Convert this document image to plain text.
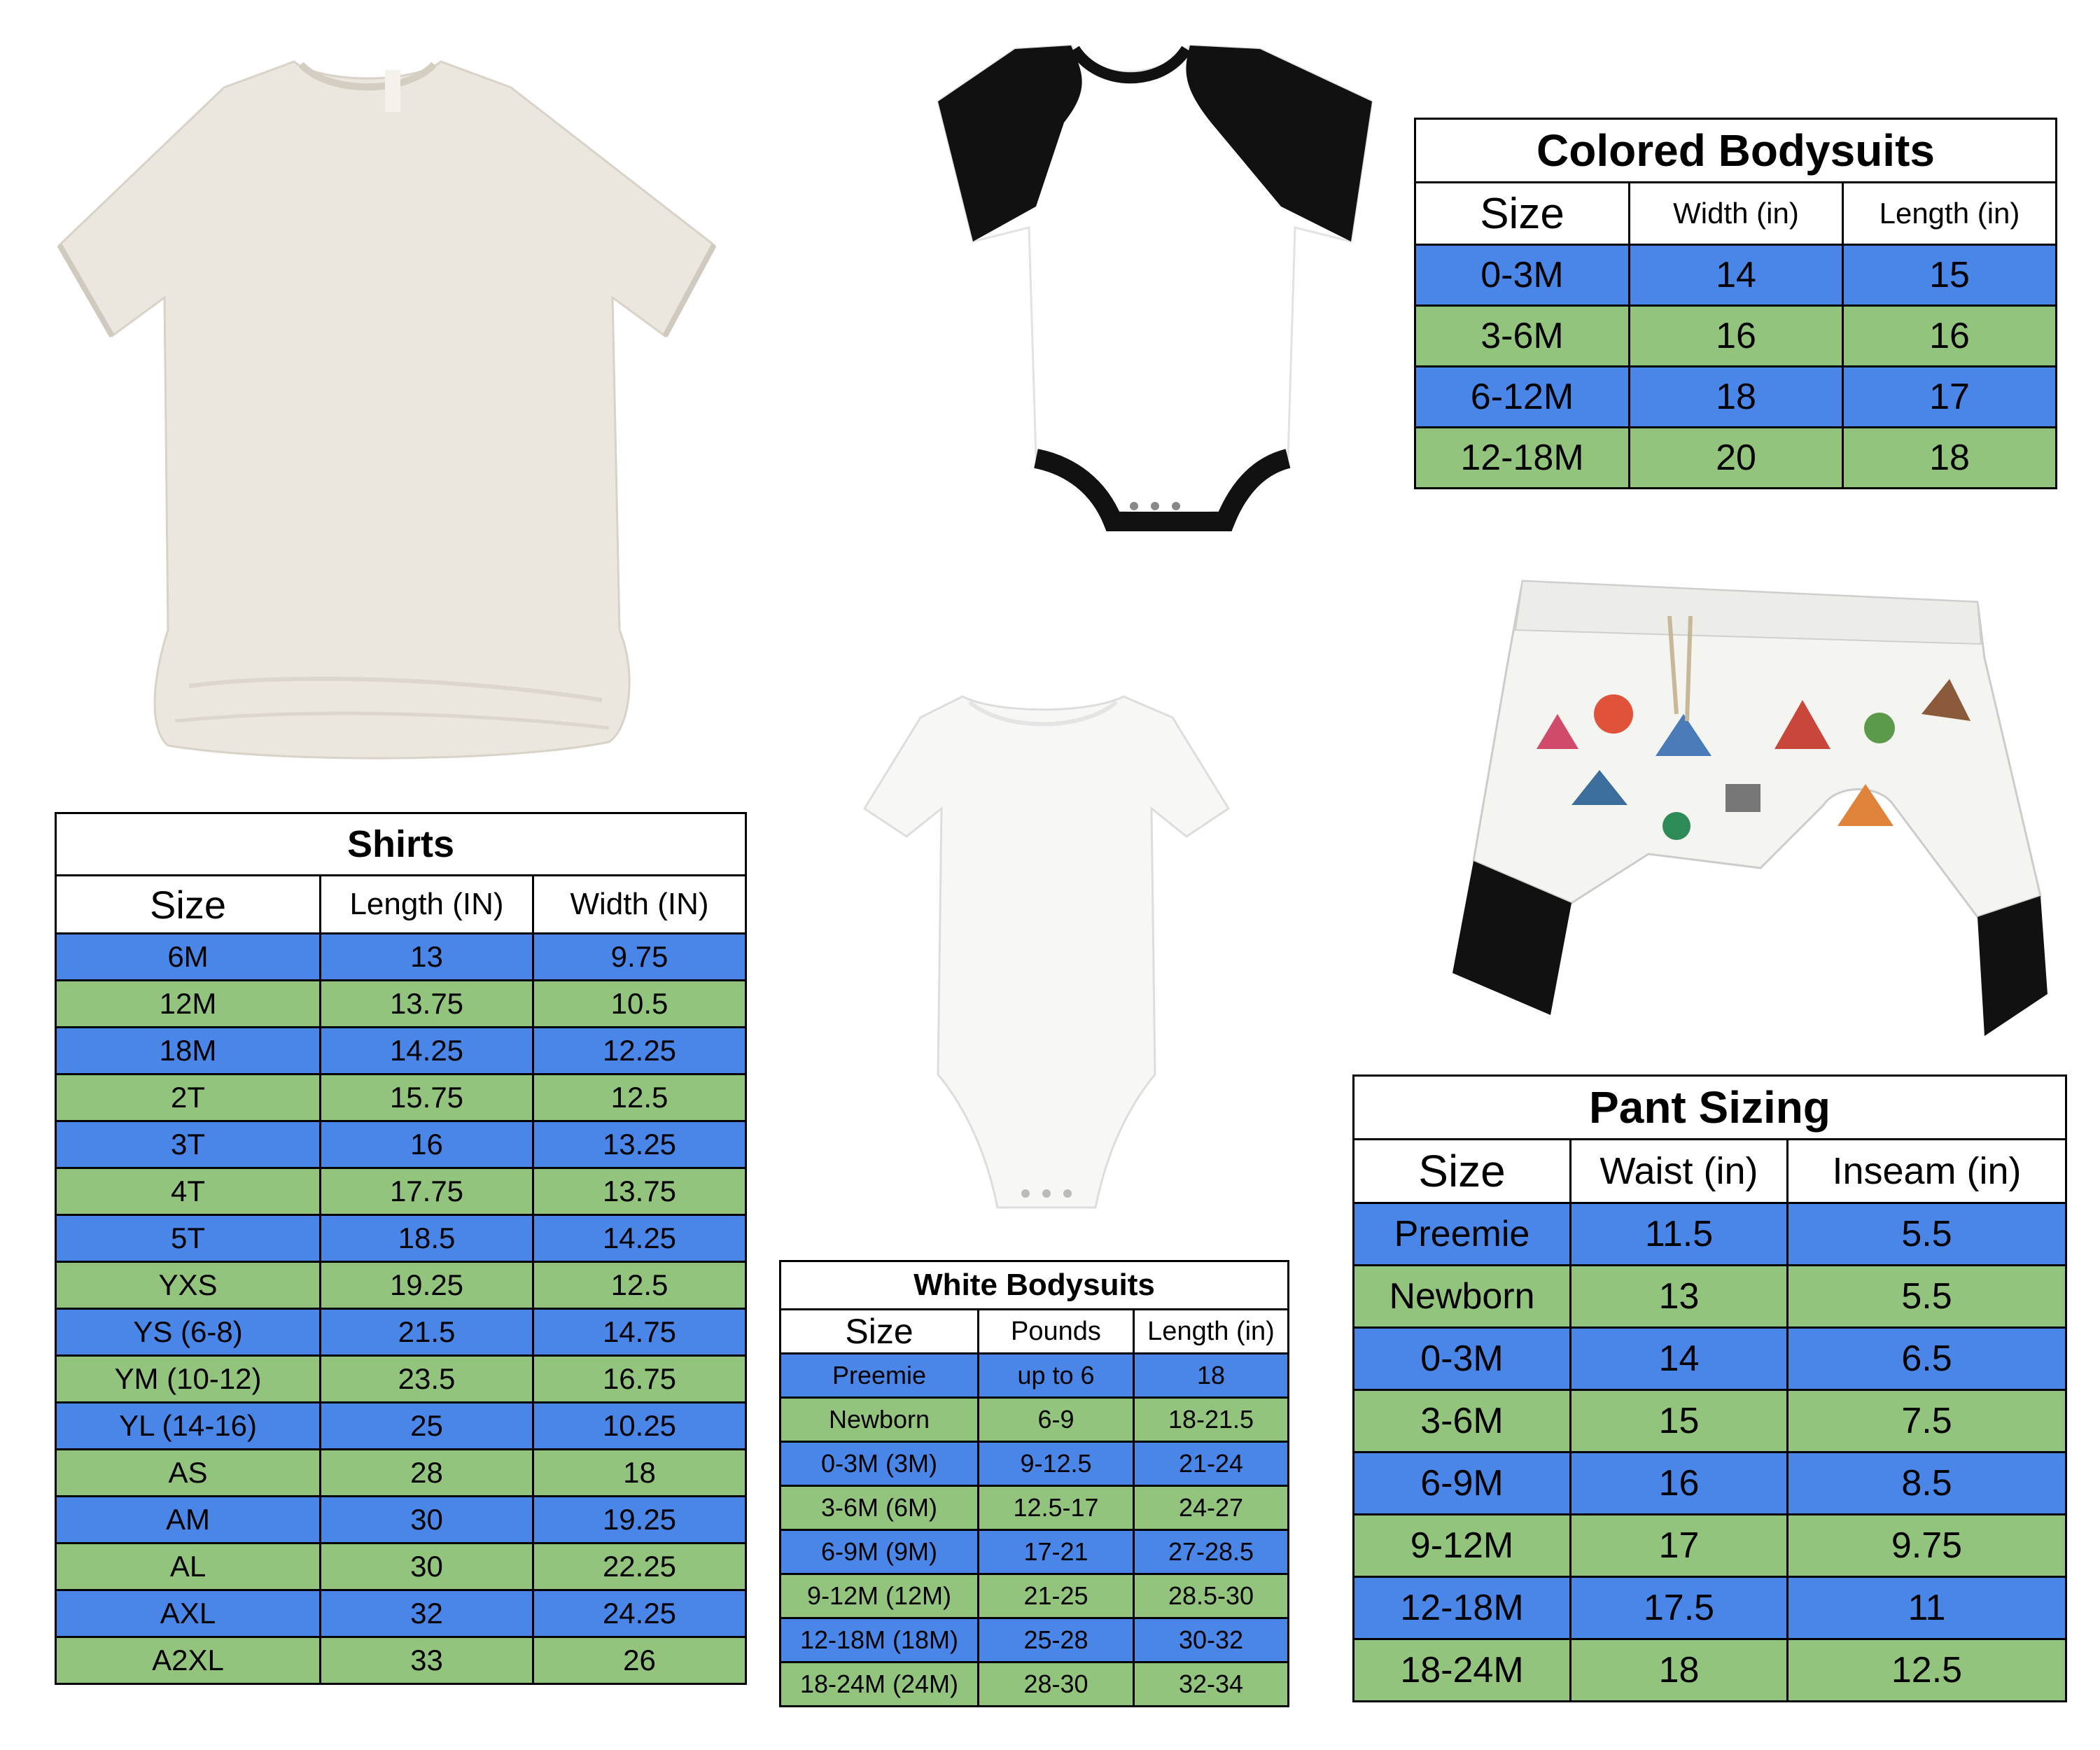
Shirts		
Size	Length (IN)	Width (IN)
6M	13	9.75
12M	13.75	10.5
18M	14.25	12.25
2T	15.75	12.5
3T	16	13.25
4T	17.75	13.75
5T	18.5	14.25
YXS	19.25	12.5
YS (6-8)	21.5	14.75
YM (10-12)	23.5	16.75
YL (14-16)	25	10.25
AS	28	18
AM	30	19.25
AL	30	22.25
AXL	32	24.25
A2XL	33	26
Colored Bodysuits		
Size	Width (in)	Length (in)
0-3M	14	15
3-6M	16	16
6-12M	18	17
12-18M	20	18
White Bodysuits		
Size	Pounds	Length (in)
Preemie	up to 6	18
Newborn	6-9	18-21.5
0-3M (3M)	9-12.5	21-24
3-6M (6M)	12.5-17	24-27
6-9M (9M)	17-21	27-28.5
9-12M (12M)	21-25	28.5-30
12-18M (18M)	25-28	30-32
18-24M (24M)	28-30	32-34
Pant Sizing		
Size	Waist (in)	Inseam (in)
Preemie	11.5	5.5
Newborn	13	5.5
0-3M	14	6.5
3-6M	15	7.5
6-9M	16	8.5
9-12M	17	9.75
12-18M	17.5	11
18-24M	18	12.5
